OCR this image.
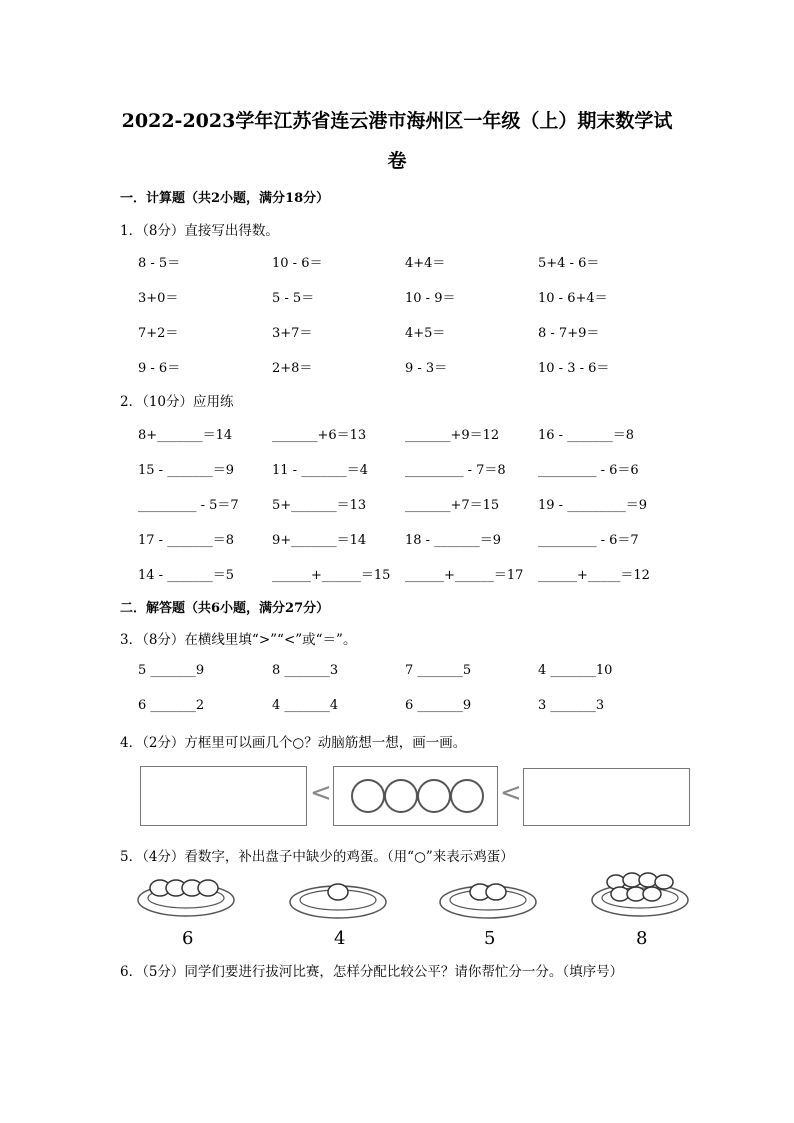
2022-2023学年江苏省连云港市海州区一年级（上）期末数学试
卷
一．计算题（共2小题，满分18分）
1．（8分）直接写出得数。
8 - 5＝	10 - 6＝	4+4＝	5+4 - 6＝
3+0＝	5 - 5＝	10 - 9＝	10 - 6+4＝
7+2＝	3+7＝	4+5＝	8 - 7+9＝
9 - 6＝	2+8＝	9 - 3＝	10 - 3 - 6＝
2．（10分）应用练
8+_______＝14	_______+6＝13	_______+9＝12	16 - _______＝8
15 - _______＝9	11 - _______＝4	_________ - 7＝8 _________ - 6＝6
_________ - 5＝7	5+_______＝13	_______+7＝15	19 - _________＝9
17 - _______＝8	9+_______＝14	18 - _______＝9	_________ - 6＝7
14 - _______＝5	______+______＝15 ______+______＝17 ______+_____＝12
二．解答题（共6小题，满分27分）
3．（8分）在横线里填“>”“<”或“＝”。
5 _______9	8 _______3	7 _______5	4 _______10
6 _______2	4 _______4	6 _______9	3 _______3
4．（2分）方框里可以画几个○？动脑筋想一想，画一画。
<	<
5．（4分）看数字，补出盘子中缺少的鸡蛋。（用“○”来表示鸡蛋）
6	4	5	8
6．（5分）同学们要进行拔河比赛，怎样分配比较公平？请你帮忙分一分。（填序号）
